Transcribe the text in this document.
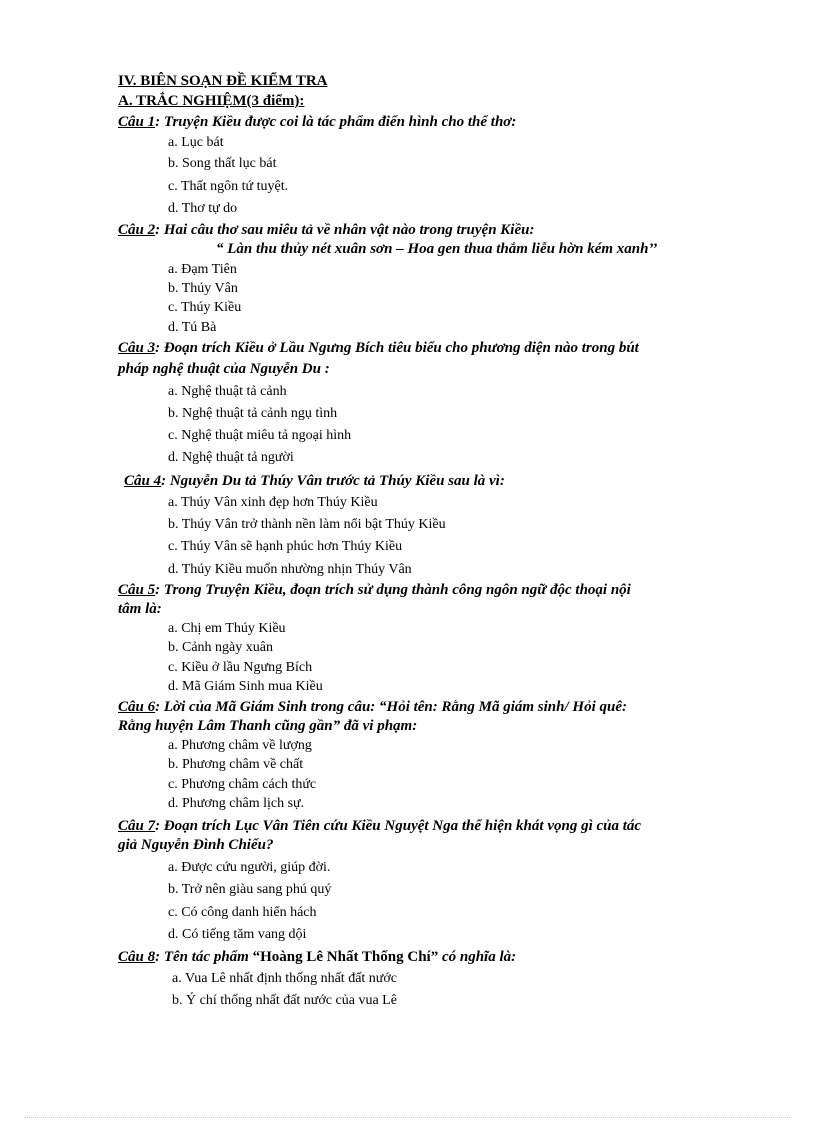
IV. BIÊN SOẠN ĐỀ KIỂM TRA
A. TRẮC NGHIỆM(3 điểm):
Câu 1: Truyện Kiều được coi là tác phẩm điển hình cho thể thơ:
a. Lục bát
b. Song thất lục bát
c. Thất ngôn tứ tuyệt.
d. Thơ tự do
Câu 2: Hai câu thơ sau miêu tả về nhân vật nào trong truyện Kiều:
“ Làn thu thủy nét xuân sơn – Hoa gen thua thắm liễu hờn kém xanh’’
a. Đạm Tiên
b. Thúy Vân
c. Thúy Kiều
d. Tú Bà
Câu 3: Đoạn trích Kiều ở Lầu Ngưng Bích tiêu biểu cho phương diện nào trong bút
pháp nghệ thuật của Nguyễn Du :
a. Nghệ thuật tả cảnh
b. Nghệ thuật tả cảnh ngụ tình
c. Nghệ thuật miêu tả ngoại hình
d. Nghệ thuật tả người
Câu 4: Nguyễn Du tả Thúy Vân trước tả Thúy Kiều sau là vì:
a. Thúy Vân xinh đẹp hơn Thúy Kiều
b. Thúy Vân trở thành nền làm nổi bật Thúy Kiều
c. Thúy Vân sẽ hạnh phúc hơn Thúy Kiều
d. Thúy Kiều muốn nhường nhịn Thúy Vân
Câu 5: Trong Truyện Kiều, đoạn trích sử dụng thành công ngôn ngữ độc thoại nội
tâm là:
a. Chị em Thúy Kiều
b. Cảnh ngày xuân
c. Kiều ở lầu Ngưng Bích
d. Mã Giám Sinh mua Kiều
Câu 6: Lời của Mã Giám Sinh trong câu: “Hỏi tên: Rằng Mã giám sinh/ Hỏi quê:
Rằng huyện Lâm Thanh cũng gần” đã vi phạm:
a. Phương châm về lượng
b. Phương châm về chất
c. Phương châm cách thức
d. Phương châm lịch sự.
Câu 7: Đoạn trích Lục Vân Tiên cứu Kiều Nguyệt Nga thể hiện khát vọng gì của tác
giả Nguyễn Đình Chiểu?
a. Được cứu người, giúp đời.
b. Trở nên giàu sang phú quý
c. Có công danh hiển hách
d. Có tiếng tăm vang dội
Câu 8: Tên tác phẩm “Hoàng Lê Nhất Thống Chí” có nghĩa là:
a. Vua Lê nhất định thống nhất đất nước
b. Ý chí thống nhất đất nước của vua Lê
